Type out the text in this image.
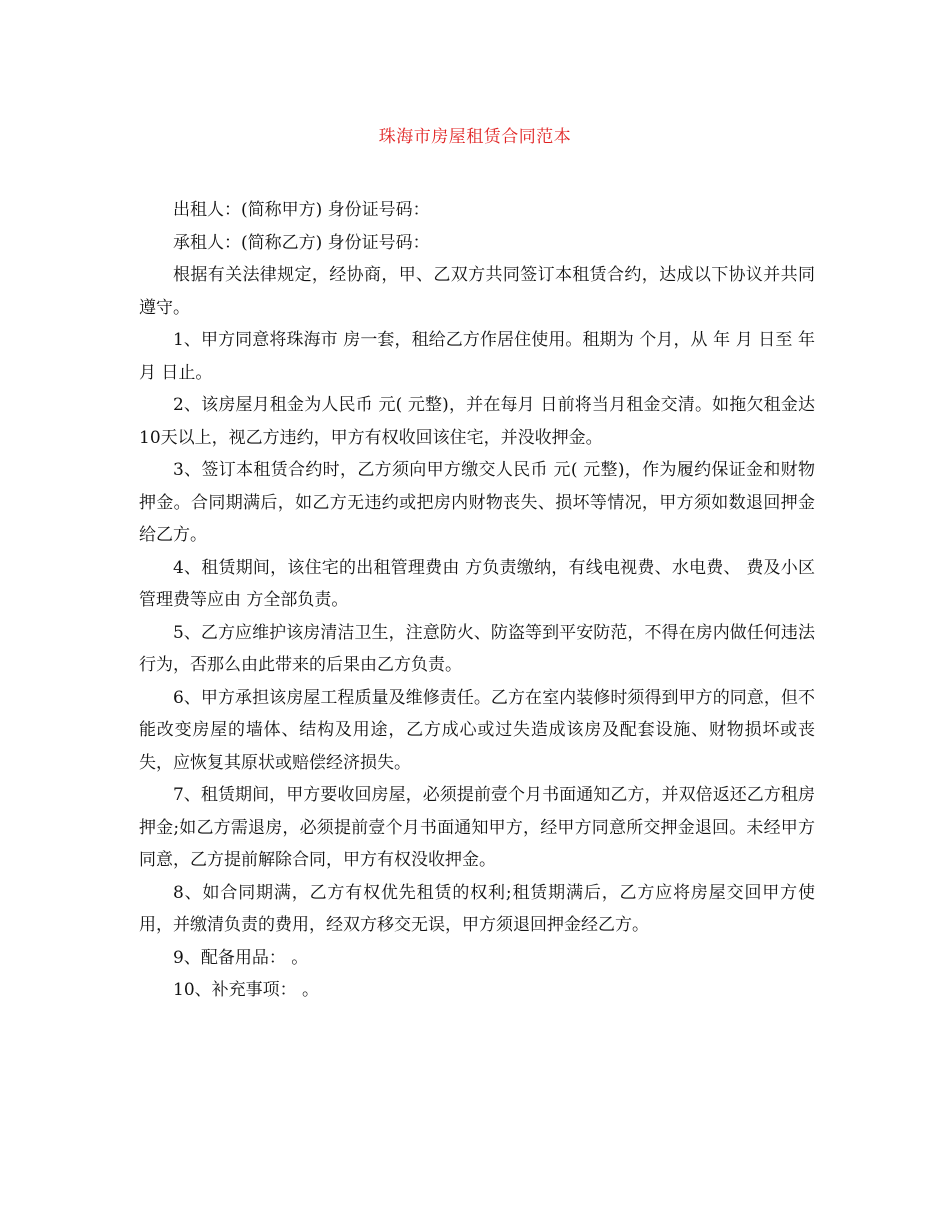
珠海市房屋租赁合同范本

出租人：(简称甲方) 身份证号码：

承租人：(简称乙方) 身份证号码：

根据有关法律规定，经协商，甲、乙双方共同签订本租赁合约，达成以下协议并共同遵守。

1、甲方同意将珠海市 房一套，租给乙方作居住使用。租期为 个月，从 年 月 日至 年 月 日止。

2、该房屋月租金为人民币 元( 元整)，并在每月 日前将当月租金交清。如拖欠租金达10天以上，视乙方违约，甲方有权收回该住宅，并没收押金。

3、签订本租赁合约时，乙方须向甲方缴交人民币 元( 元整)，作为履约保证金和财物押金。合同期满后，如乙方无违约或把房内财物丧失、损坏等情况，甲方须如数退回押金给乙方。

4、租赁期间，该住宅的出租管理费由 方负责缴纳，有线电视费、水电费、 费及小区管理费等应由 方全部负责。

5、乙方应维护该房清洁卫生，注意防火、防盗等到平安防范，不得在房内做任何违法行为，否那么由此带来的后果由乙方负责。

6、甲方承担该房屋工程质量及维修责任。乙方在室内装修时须得到甲方的同意，但不能改变房屋的墙体、结构及用途，乙方成心或过失造成该房及配套设施、财物损坏或丧失，应恢复其原状或赔偿经济损失。

7、租赁期间，甲方要收回房屋，必须提前壹个月书面通知乙方，并双倍返还乙方租房押金;如乙方需退房，必须提前壹个月书面通知甲方，经甲方同意所交押金退回。未经甲方同意，乙方提前解除合同，甲方有权没收押金。

8、如合同期满，乙方有权优先租赁的权利;租赁期满后，乙方应将房屋交回甲方使用，并缴清负责的费用，经双方移交无误，甲方须退回押金经乙方。

9、配备用品： 。

10、补充事项： 。
